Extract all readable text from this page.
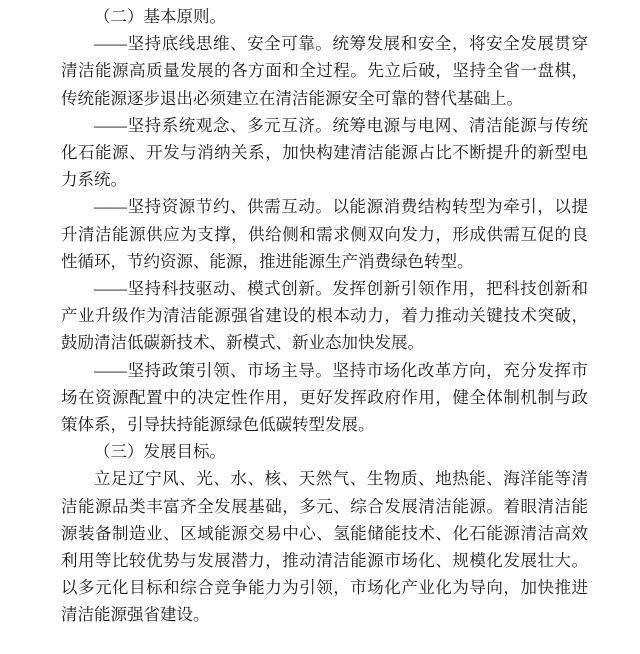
（二）基本原则。

——坚持底线思维、安全可靠。统筹发展和安全，将安全发展贯穿清洁能源高质量发展的各方面和全过程。先立后破，坚持全省一盘棋，传统能源逐步退出必须建立在清洁能源安全可靠的替代基础上。

——坚持系统观念、多元互济。统筹电源与电网、清洁能源与传统化石能源、开发与消纳关系，加快构建清洁能源占比不断提升的新型电力系统。

——坚持资源节约、供需互动。以能源消费结构转型为牵引，以提升清洁能源供应为支撑，供给侧和需求侧双向发力，形成供需互促的良性循环，节约资源、能源，推进能源生产消费绿色转型。

——坚持科技驱动、模式创新。发挥创新引领作用，把科技创新和产业升级作为清洁能源强省建设的根本动力，着力推动关键技术突破，鼓励清洁低碳新技术、新模式、新业态加快发展。

——坚持政策引领、市场主导。坚持市场化改革方向，充分发挥市场在资源配置中的决定性作用，更好发挥政府作用，健全体制机制与政策体系，引导扶持能源绿色低碳转型发展。

（三）发展目标。

立足辽宁风、光、水、核、天然气、生物质、地热能、海洋能等清洁能源品类丰富齐全发展基础，多元、综合发展清洁能源。着眼清洁能源装备制造业、区域能源交易中心、氢能储能技术、化石能源清洁高效利用等比较优势与发展潜力，推动清洁能源市场化、规模化发展壮大。以多元化目标和综合竞争能力为引领，市场化产业化为导向，加快推进清洁能源强省建设。
